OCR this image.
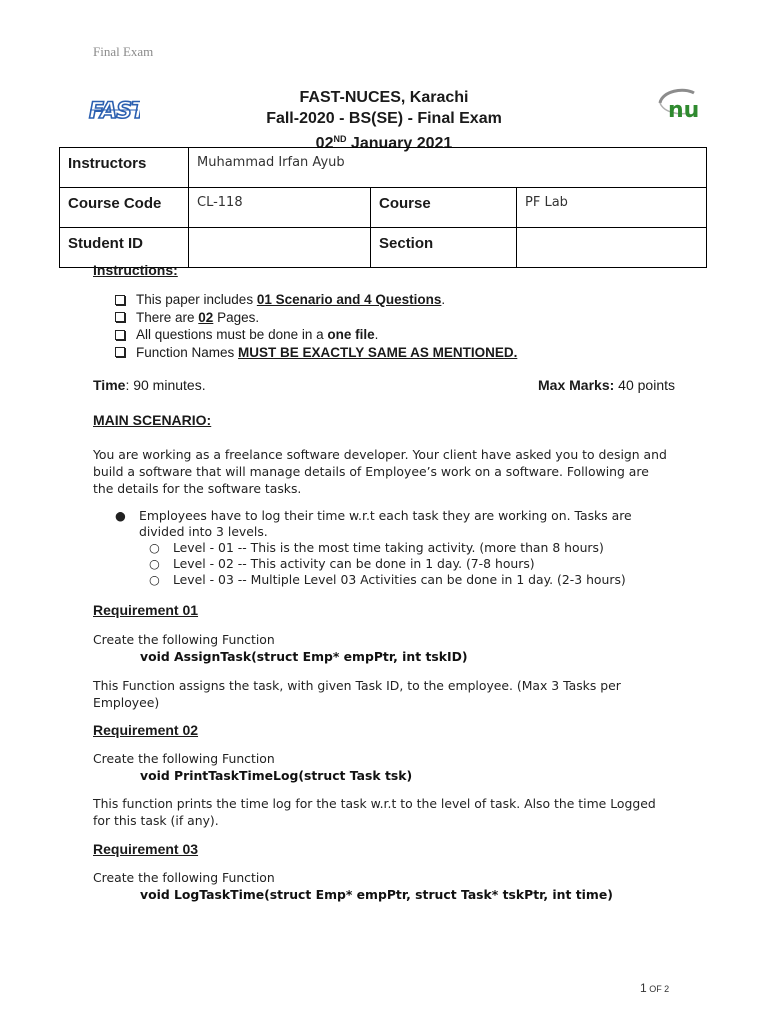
Final Exam
FAST	nu
FAST-NUCES, Karachi
Fall-2020 - BS(SE) - Final Exam
02ND January 2021
Instructors	Muhammad Irfan Ayub		
Course Code	CL-118	Course	PF Lab
Student ID		Section	
Instructions:
This paper includes 01 Scenario and 4 Questions.
There are 02 Pages.
All questions must be done in a one file.
Function Names MUST BE EXACTLY SAME AS MENTIONED.
Time: 90 minutes.	Max Marks: 40 points
MAIN SCENARIO:
You are working as a freelance software developer. Your client have asked you to design and build a software that will manage details of Employee’s work on a software. Following are the details for the software tasks.
●	Employees have to log their time w.r.t each task they are working on. Tasks are divided into 3 levels.
○	Level - 01 -- This is the most time taking activity. (more than 8 hours)
○	Level - 02 -- This activity can be done in 1 day. (7-8 hours)
○	Level - 03 -- Multiple Level 03 Activities can be done in 1 day. (2-3 hours)
Requirement 01
Create the following Function
void AssignTask(struct Emp* empPtr, int tskID)
This Function assigns the task, with given Task ID, to the employee. (Max 3 Tasks per Employee)
Requirement 02
Create the following Function
void PrintTaskTimeLog(struct Task tsk)
This function prints the time log for the task w.r.t to the level of task. Also the time Logged for this task (if any).
Requirement 03
Create the following Function
void LogTaskTime(struct Emp* empPtr, struct Task* tskPtr, int time)
1 OF 2
